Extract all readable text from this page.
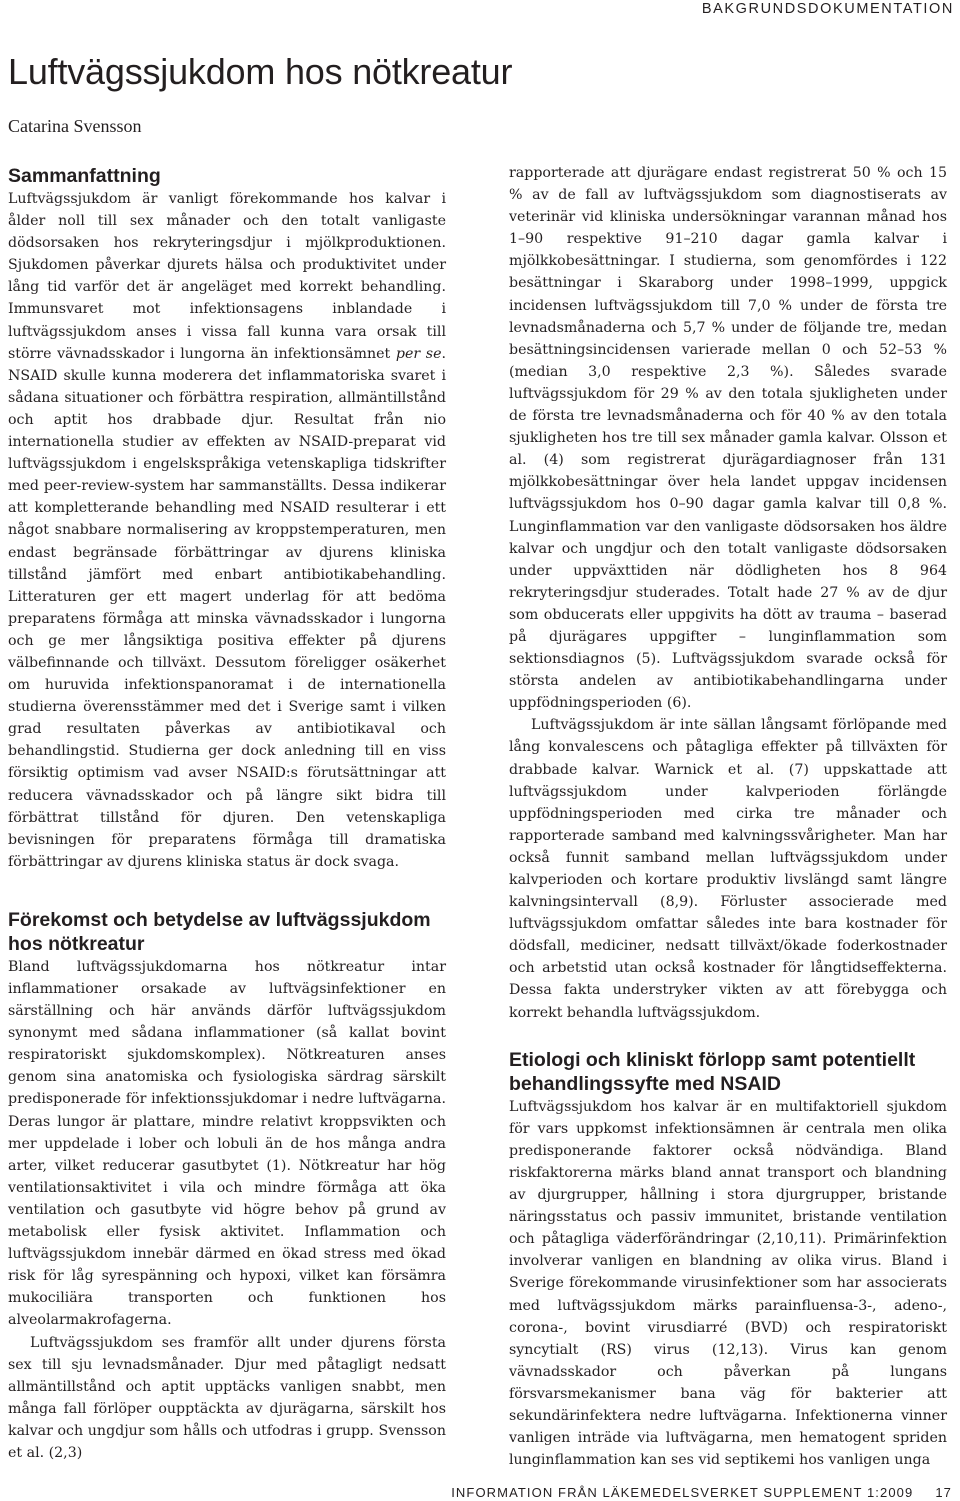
BAKGRUNDSDOKUMENTATION
Luftvägssjukdom hos nötkreatur
Catarina Svensson
Sammanfattning

Luftvägssjukdom är vanligt förekommande hos kalvar i ålder noll till sex månader och den totalt vanligaste dödsorsaken hos rekryteringsdjur i mjölkproduktionen. Sjukdomen påverkar djurets hälsa och produktivitet under lång tid varför det är angeläget med korrekt behandling. Immunsvaret mot infektionsagens inblandade i luftvägssjukdom anses i vissa fall kunna vara orsak till större vävnadsskador i lungorna än infektionsämnet per se. NSAID skulle kunna moderera det inflammatoriska svaret i sådana situationer och förbättra respiration, allmäntillstånd och aptit hos drabbade djur. Resultat från nio internationella studier av effekten av NSAID-preparat vid luftvägssjukdom i engelskspråkiga vetenskapliga tidskrifter med peer-review-system har sammanställts. Dessa indikerar att kompletterande behandling med NSAID resulterar i ett något snabbare normalisering av kroppstemperaturen, men endast begränsade förbättringar av djurens kliniska tillstånd jämfört med enbart antibiotikabehandling. Litteraturen ger ett magert underlag för att bedöma preparatens förmåga att minska vävnadsskador i lungorna och ge mer långsiktiga positiva effekter på djurens välbefinnande och tillväxt. Dessutom föreligger osäkerhet om huruvida infektionspanoramat i de internationella studierna överensstämmer med det i Sverige samt i vilken grad resultaten påverkas av antibiotikaval och behandlingstid. Studierna ger dock anledning till en viss försiktig optimism vad avser NSAID:s förutsättningar att reducera vävnadsskador och på längre sikt bidra till förbättrat tillstånd för djuren. Den vetenskapliga bevisningen för preparatens förmåga till dramatiska förbättringar av djurens kliniska status är dock svaga.

Förekomst och betydelse av luftvägssjukdom hos nötkreatur

Bland luftvägssjukdomarna hos nötkreatur intar inflammationer orsakade av luftvägsinfektioner en särställning och här används därför luftvägssjukdom synonymt med sådana inflammationer (så kallat bovint respiratoriskt sjukdomskomplex). Nötkreaturen anses genom sina anatomiska och fysiologiska särdrag särskilt predisponerade för infektionssjukdomar i nedre luftvägarna. Deras lungor är plattare, mindre relativt kroppsvikten och mer uppdelade i lober och lobuli än de hos många andra arter, vilket reducerar gasutbytet (1). Nötkreatur har hög ventilationsaktivitet i vila och mindre förmåga att öka ventilation och gasutbyte vid högre behov på grund av metabolisk eller fysisk aktivitet. Inflammation och luftvägssjukdom innebär därmed en ökad stress med ökad risk för låg syrespänning och hypoxi, vilket kan försämra mukociliära transporten och funktionen hos alveolarmakrofagerna.

Luftvägssjukdom ses framför allt under djurens första sex till sju levnadsmånader. Djur med påtagligt nedsatt allmäntillstånd och aptit upptäcks vanligen snabbt, men många fall förlöper oupptäckta av djurägarna, särskilt hos kalvar och ungdjur som hålls och utfodras i grupp. Svensson et al. (2,3)

rapporterade att djurägare endast registrerat 50 % och 15 % av de fall av luftvägssjukdom som diagnostiserats av veterinär vid kliniska undersökningar varannan månad hos 1–90 respektive 91–210 dagar gamla kalvar i mjölkkobesättningar. I studierna, som genomfördes i 122 besättningar i Skaraborg under 1998–1999, uppgick incidensen luftvägssjukdom till 7,0 % under de första tre levnadsmånaderna och 5,7 % under de följande tre, medan besättningsincidensen varierade mellan 0 och 52–53 % (median 3,0 respektive 2,3 %). Således svarade luftvägssjukdom för 29 % av den totala sjukligheten under de första tre levnadsmånaderna och för 40 % av den totala sjukligheten hos tre till sex månader gamla kalvar. Olsson et al. (4) som registrerat djurägardiagnoser från 131 mjölkkobesättningar över hela landet uppgav incidensen luftvägssjukdom hos 0–90 dagar gamla kalvar till 0,8 %. Lunginflammation var den vanligaste dödsorsaken hos äldre kalvar och ungdjur och den totalt vanligaste dödsorsaken under uppväxttiden när dödligheten hos 8 964 rekryteringsdjur studerades. Totalt hade 27 % av de djur som obducerats eller uppgivits ha dött av trauma – baserad på djurägares uppgifter – lunginflammation som sektionsdiagnos (5). Luftvägssjukdom svarade också för största andelen av antibiotikabehandlingarna under uppfödningsperioden (6).

Luftvägssjukdom är inte sällan långsamt förlöpande med lång konvalescens och påtagliga effekter på tillväxten för drabbade kalvar. Warnick et al. (7) uppskattade att luftvägssjukdom under kalvperioden förlängde uppfödningsperioden med cirka tre månader och rapporterade samband med kalvningssvårigheter. Man har också funnit samband mellan luftvägssjukdom under kalvperioden och kortare produktiv livslängd samt längre kalvningsintervall (8,9). Förluster associerade med luftvägssjukdom omfattar således inte bara kostnader för dödsfall, mediciner, nedsatt tillväxt/ökade foderkostnader och arbetstid utan också kostnader för långtidseffekterna. Dessa fakta understryker vikten av att förebygga och korrekt behandla luftvägssjukdom.

Etiologi och kliniskt förlopp samt potentiellt behandlingssyfte med NSAID

Luftvägssjukdom hos kalvar är en multifaktoriell sjukdom för vars uppkomst infektionsämnen är centrala men olika predisponerande faktorer också nödvändiga. Bland riskfaktorerna märks bland annat transport och blandning av djurgrupper, hållning i stora djurgrupper, bristande näringsstatus och passiv immunitet, bristande ventilation och påtagliga väderförändringar (2,10,11). Primärinfektion involverar vanligen en blandning av olika virus. Bland i Sverige förekommande virusinfektioner som har associerats med luftvägssjukdom märks parainfluensa-3-, adeno-, corona-, bovint virusdiarré (BVD) och respiratoriskt syncytialt (RS) virus (12,13). Virus kan genom vävnadsskador och påverkan på lungans försvarsmekanismer bana väg för bakterier att sekundärinfektera nedre luftvägarna. Infektionerna vinner vanligen inträde via luftvägarna, men hematogent spriden lunginflammation kan ses vid septikemi hos vanligen unga

INFORMATION FRÅN LÄKEMEDELSVERKET SUPPLEMENT 1:2009 17
